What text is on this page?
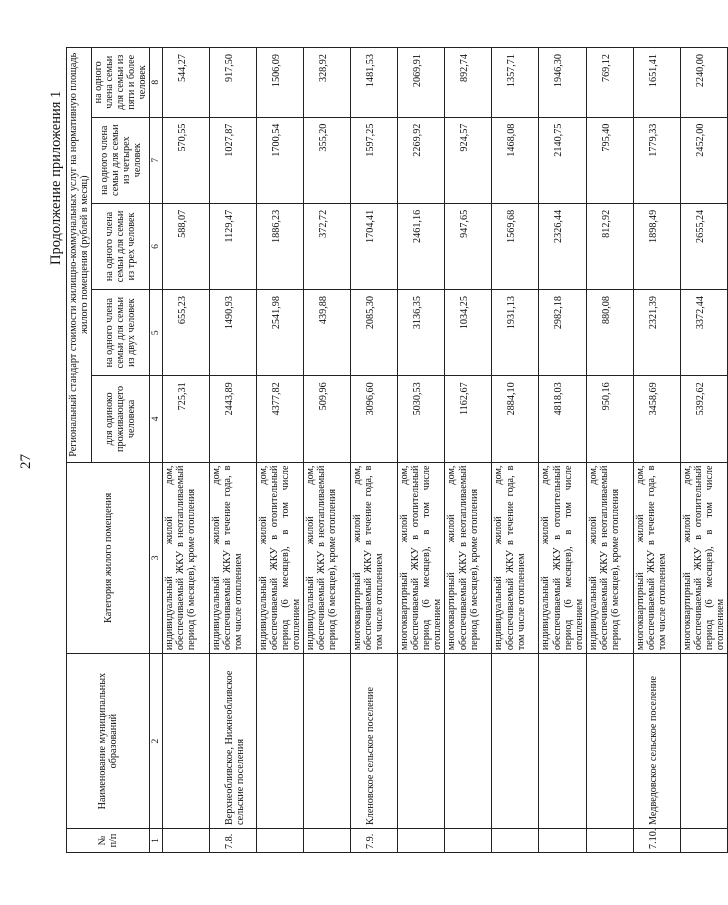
27
Продолжение приложения 1
№ п/п	Наименование муниципальных образований	Категория жилого помещения	Региональный стандарт стоимости жилищно-коммунальных услуг на нормативную площадь жилого помещения (рублей в месяц)				
			для одиноко проживающего человека	на одного члена семьи для семьи из двух человек	на одного члена семьи для семьи из трех человек	на одного члена семьи для семьи из четырех человек	на одного члена семьи для семьи из пяти и более человек
1	2	3	4	5	6	7	8
		индивидуальный жилой дом, обеспечиваемый ЖКУ в неотапливаемый период (6 месяцев), кроме отопления	725,31	655,23	588,07	570,55	544,27
7.8.	Верхнеобливское, Нижнеобливское сельские поселения	индивидуальный жилой дом, обеспечиваемый ЖКУ в течение года, в том числе отоплением	2443,89	1490,93	1129,47	1027,87	917,50
		индивидуальный жилой дом, обеспечиваемый ЖКУ в отопительный период (6 месяцев), в том числе отоплением	4377,82	2541,98	1886,23	1700,54	1506,09
		индивидуальный жилой дом, обеспечиваемый ЖКУ в неотапливаемый период (6 месяцев), кроме отопления	509,96	439,88	372,72	355,20	328,92
7.9.	Кленовское сельское поселение	многоквартирный жилой дом, обеспечиваемый ЖКУ в течение года, в том числе отоплением	3096,60	2085,30	1704,41	1597,25	1481,53
		многоквартирный жилой дом, обеспечиваемый ЖКУ в отопительный период (6 месяцев), в том числе отоплением	5030,53	3136,35	2461,16	2269,92	2069,91
		многоквартирный жилой дом, обеспечиваемый ЖКУ в неотапливаемый период (6 месяцев), кроме отопления	1162,67	1034,25	947,65	924,57	892,74
		индивидуальный жилой дом, обеспечиваемый ЖКУ в течение года, в том числе отоплением	2884,10	1931,13	1569,68	1468,08	1357,71
		индивидуальный жилой дом, обеспечиваемый ЖКУ в отопительный период (6 месяцев), в том числе отоплением	4818,03	2982,18	2326,44	2140,75	1946,30
		индивидуальный жилой дом, обеспечиваемый ЖКУ в неотапливаемый период (6 месяцев), кроме отопления	950,16	880,08	812,92	795,40	769,12
7.10.	Медведовское сельское поселение	многоквартирный жилой дом, обеспечиваемый ЖКУ в течение года, в том числе отоплением	3458,69	2321,39	1898,49	1779,33	1651,41
		многоквартирный жилой дом, обеспечиваемый ЖКУ в отопительный период (6 месяцев), в том числе отоплением	5392,62	3372,44	2655,24	2452,00	2240,00
